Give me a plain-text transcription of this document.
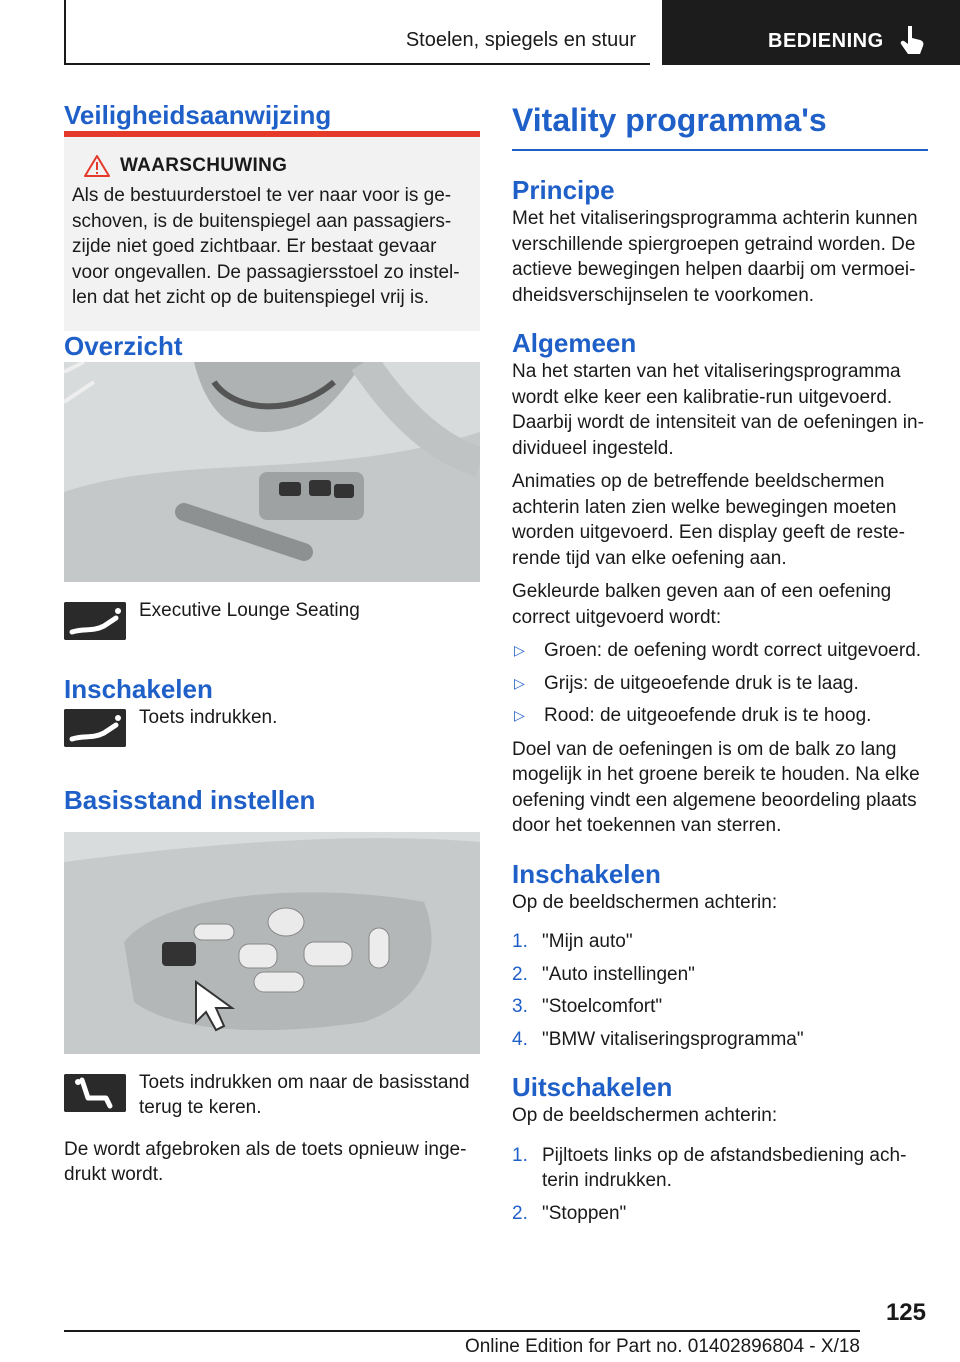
Stoelen, spiegels en stuur	BEDIENING
Veiligheidsaanwijzing
WAARSCHUWING

Als de bestuurderstoel te ver naar voor is ge-schoven, is de buitenspiegel aan passagiers-zijde niet goed zichtbaar. Er bestaat gevaar voor ongevallen. De passagiersstoel zo instel-len dat het zicht op de buitenspiegel vrij is.

Overzicht
Executive Lounge Seating
Inschakelen
Toets indrukken.
Basisstand instellen
Toets indrukken om naar de basisstand terug te keren.

De wordt afgebroken als de toets opnieuw inge-drukt wordt.

Vitality programma's
Principe

Met het vitaliseringsprogramma achterin kunnen verschillende spiergroepen getraind worden. De actieve bewegingen helpen daarbij om vermoei-dheidsverschijnselen te voorkomen.

Algemeen

Na het starten van het vitaliseringsprogramma wordt elke keer een kalibratie-run uitgevoerd. Daarbij wordt de intensiteit van de oefeningen in-dividueel ingesteld.

Animaties op de betreffende beeldschermen achterin laten zien welke bewegingen moeten worden uitgevoerd. Een display geeft de reste-rende tijd van elke oefening aan.

Gekleurde balken geven aan of een oefening correct uitgevoerd wordt:

▷	Groen: de oefening wordt correct uitgevoerd.
▷	Grijs: de uitgeoefende druk is te laag.
▷	Rood: de uitgeoefende druk is te hoog.

Doel van de oefeningen is om de balk zo lang mogelijk in het groene bereik te houden. Na elke oefening vindt een algemene beoordeling plaats door het toekennen van sterren.

Inschakelen

Op de beeldschermen achterin:

1. "Mijn auto"
2. "Auto instellingen"
3. "Stoelcomfort"
4. "BMW vitaliseringsprogramma"
Uitschakelen

Op de beeldschermen achterin:

1. Pijltoets links op de afstandsbediening ach-terin indrukken.
2. "Stoppen"
125
Online Edition for Part no. 01402896804 - X/18
